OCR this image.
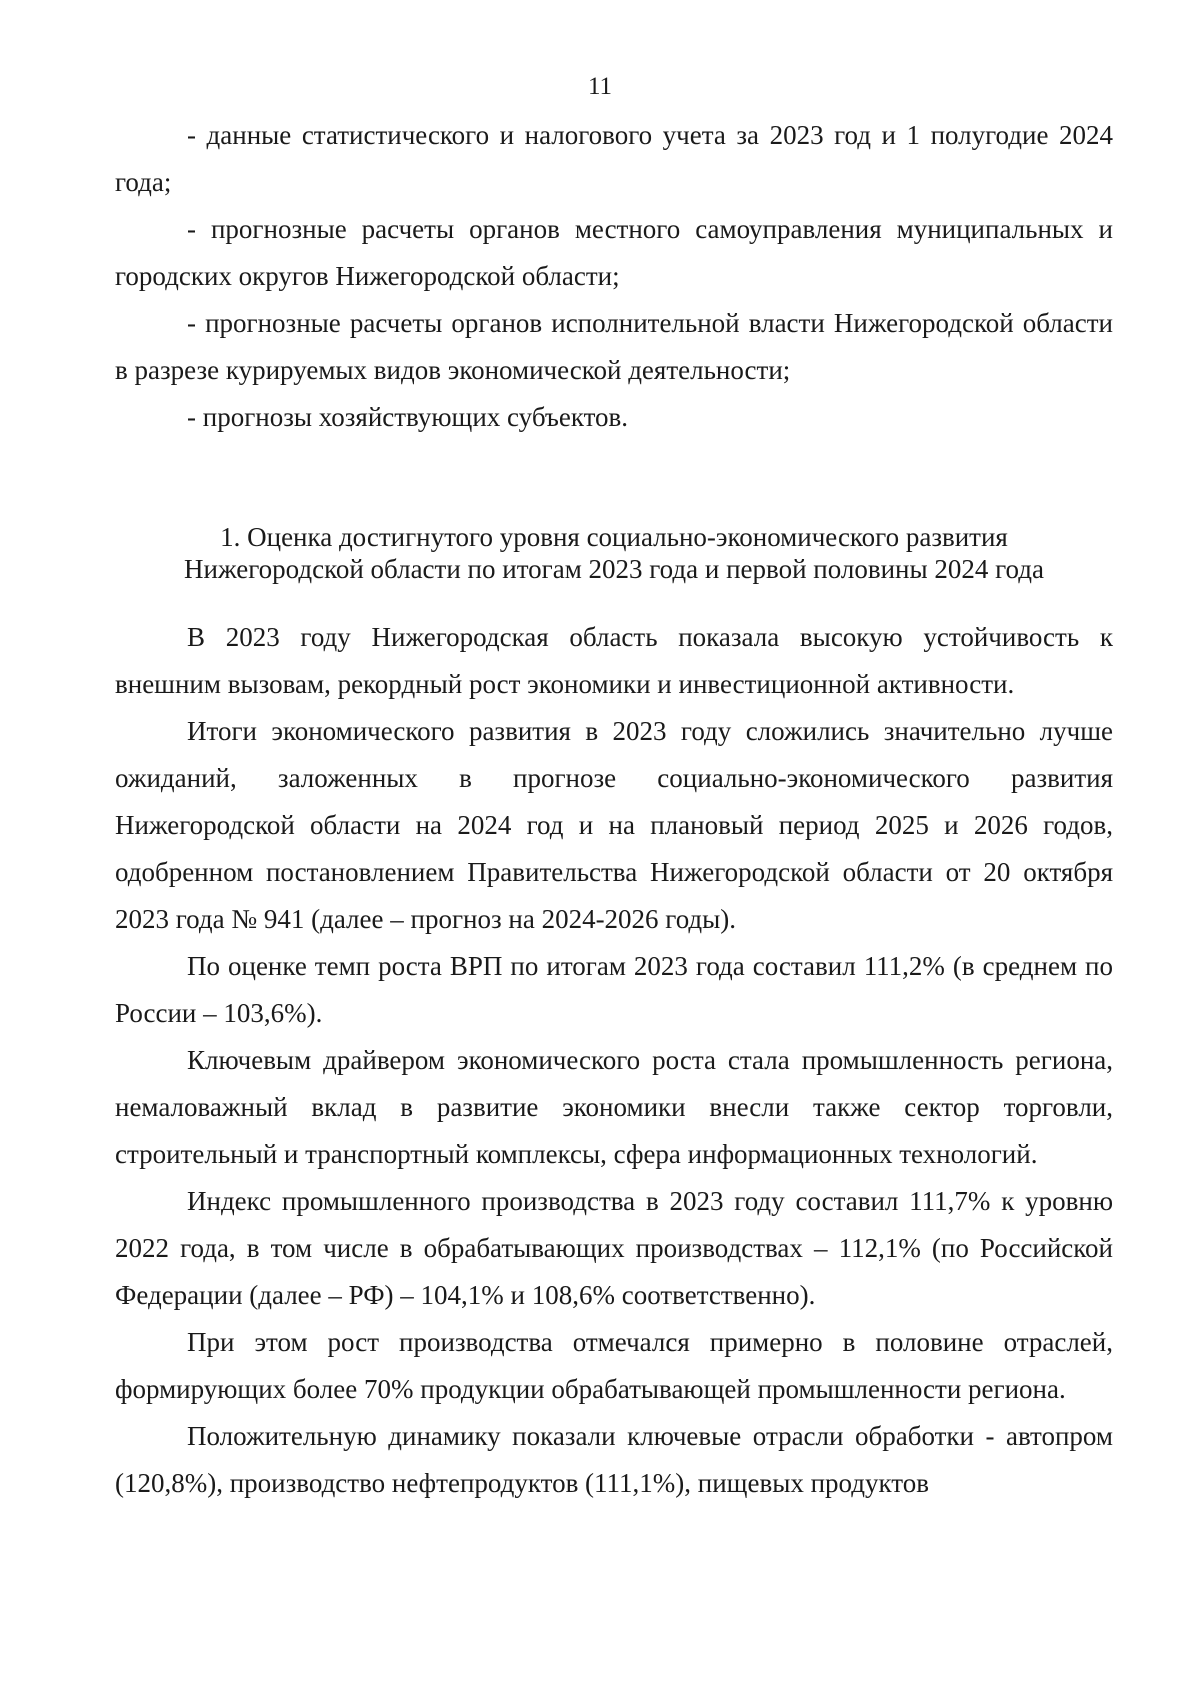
11

- данные статистического и налогового учета за 2023 год и 1 полугодие 2024 года;

- прогнозные расчеты органов местного самоуправления муниципальных и городских округов Нижегородской области;

- прогнозные расчеты органов исполнительной власти Нижегородской области в разрезе курируемых видов экономической деятельности;

- прогнозы хозяйствующих субъектов.

1. Оценка достигнутого уровня социально-экономического развития
Нижегородской области по итогам 2023 года и первой половины 2024 года

В 2023 году Нижегородская область показала высокую устойчивость к внешним вызовам, рекордный рост экономики и инвестиционной активности.

Итоги экономического развития в 2023 году сложились значительно лучше ожиданий, заложенных в прогнозе социально-экономического развития Нижегородской области на 2024 год и на плановый период 2025 и 2026 годов, одобренном постановлением Правительства Нижегородской области от 20 октября 2023 года № 941 (далее – прогноз на 2024-2026 годы).

По оценке темп роста ВРП по итогам 2023 года составил 111,2% (в среднем по России – 103,6%).

Ключевым драйвером экономического роста стала промышленность региона, немаловажный вклад в развитие экономики внесли также сектор торговли, строительный и транспортный комплексы, сфера информационных технологий.

Индекс промышленного производства в 2023 году составил 111,7% к уровню 2022 года, в том числе в обрабатывающих производствах – 112,1% (по Российской Федерации (далее – РФ) – 104,1% и 108,6% соответственно).

При этом рост производства отмечался примерно в половине отраслей, формирующих более 70% продукции обрабатывающей промышленности региона.

Положительную динамику показали ключевые отрасли обработки - автопром (120,8%), производство нефтепродуктов (111,1%), пищевых продуктов
